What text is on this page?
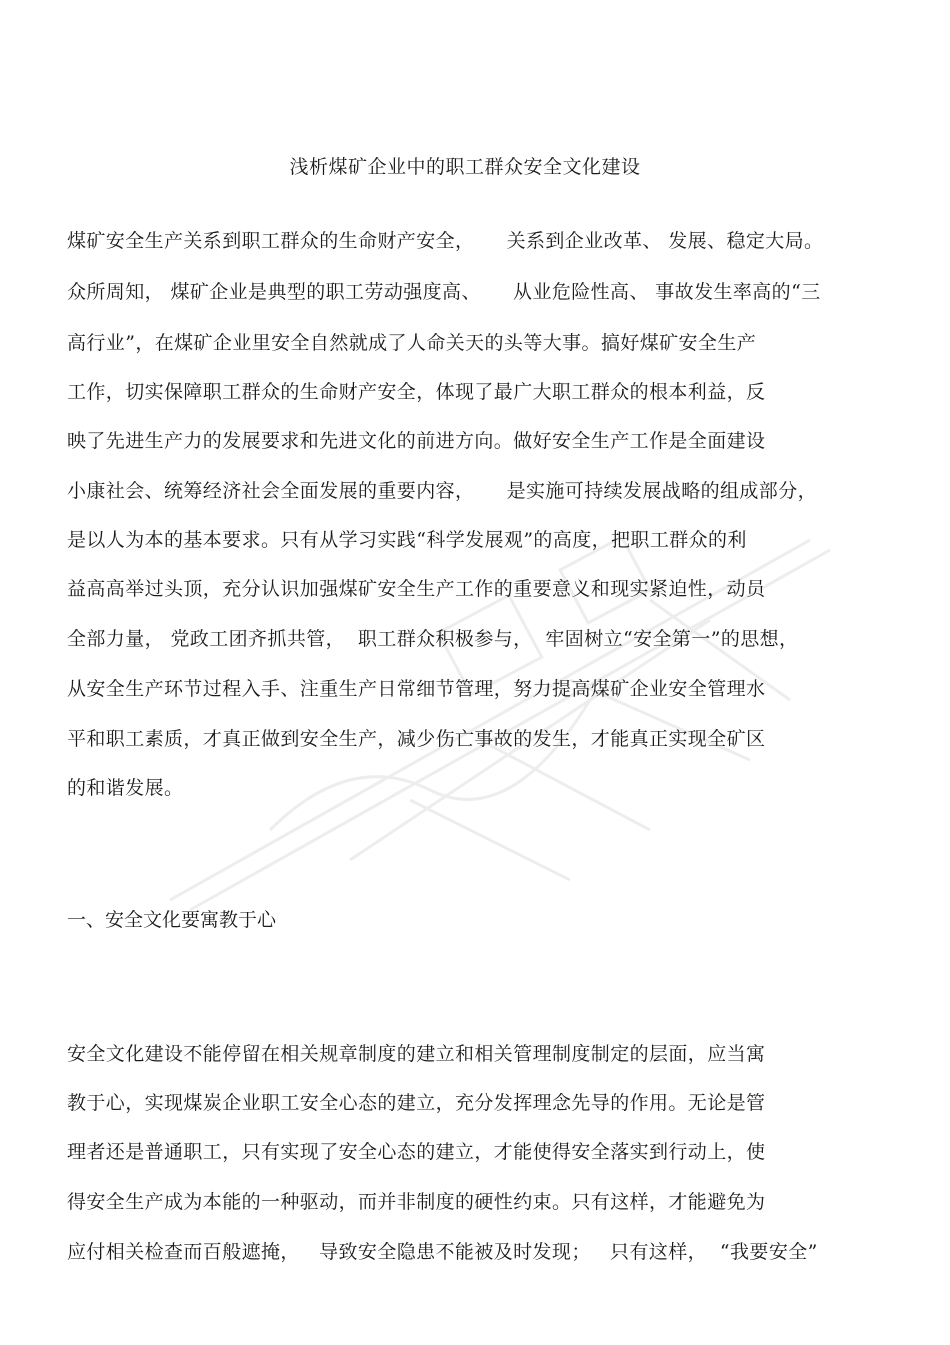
浅析煤矿企业中的职工群众安全文化建设
煤矿安全生产关系到职工群众的生命财产安全，     关系到企业改革、 发展、稳定大局。
众所周知， 煤矿企业是典型的职工劳动强度高、     从业危险性高、 事故发生率高的“三
高行业”，在煤矿企业里安全自然就成了人命关天的头等大事。搞好煤矿安全生产
工作，切实保障职工群众的生命财产安全，体现了最广大职工群众的根本利益，反
映了先进生产力的发展要求和先进文化的前进方向。做好安全生产工作是全面建设
小康社会、统筹经济社会全面发展的重要内容，     是实施可持续发展战略的组成部分，
是以人为本的基本要求。只有从学习实践“科学发展观”的高度，把职工群众的利
益高高举过头顶，充分认识加强煤矿安全生产工作的重要意义和现实紧迫性，动员
全部力量， 党政工团齐抓共管，  职工群众积极参与，  牢固树立“安全第一”的思想，
从安全生产环节过程入手、注重生产日常细节管理，努力提高煤矿企业安全管理水
平和职工素质，才真正做到安全生产，减少伤亡事故的发生，才能真正实现全矿区
的和谐发展。
一、安全文化要寓教于心
安全文化建设不能停留在相关规章制度的建立和相关管理制度制定的层面，应当寓
教于心，实现煤炭企业职工安全心态的建立，充分发挥理念先导的作用。无论是管
理者还是普通职工，只有实现了安全心态的建立，才能使得安全落实到行动上，使
得安全生产成为本能的一种驱动，而并非制度的硬性约束。只有这样，才能避免为
应付相关检查而百般遮掩，   导致安全隐患不能被及时发现；   只有这样，  “我要安全”
